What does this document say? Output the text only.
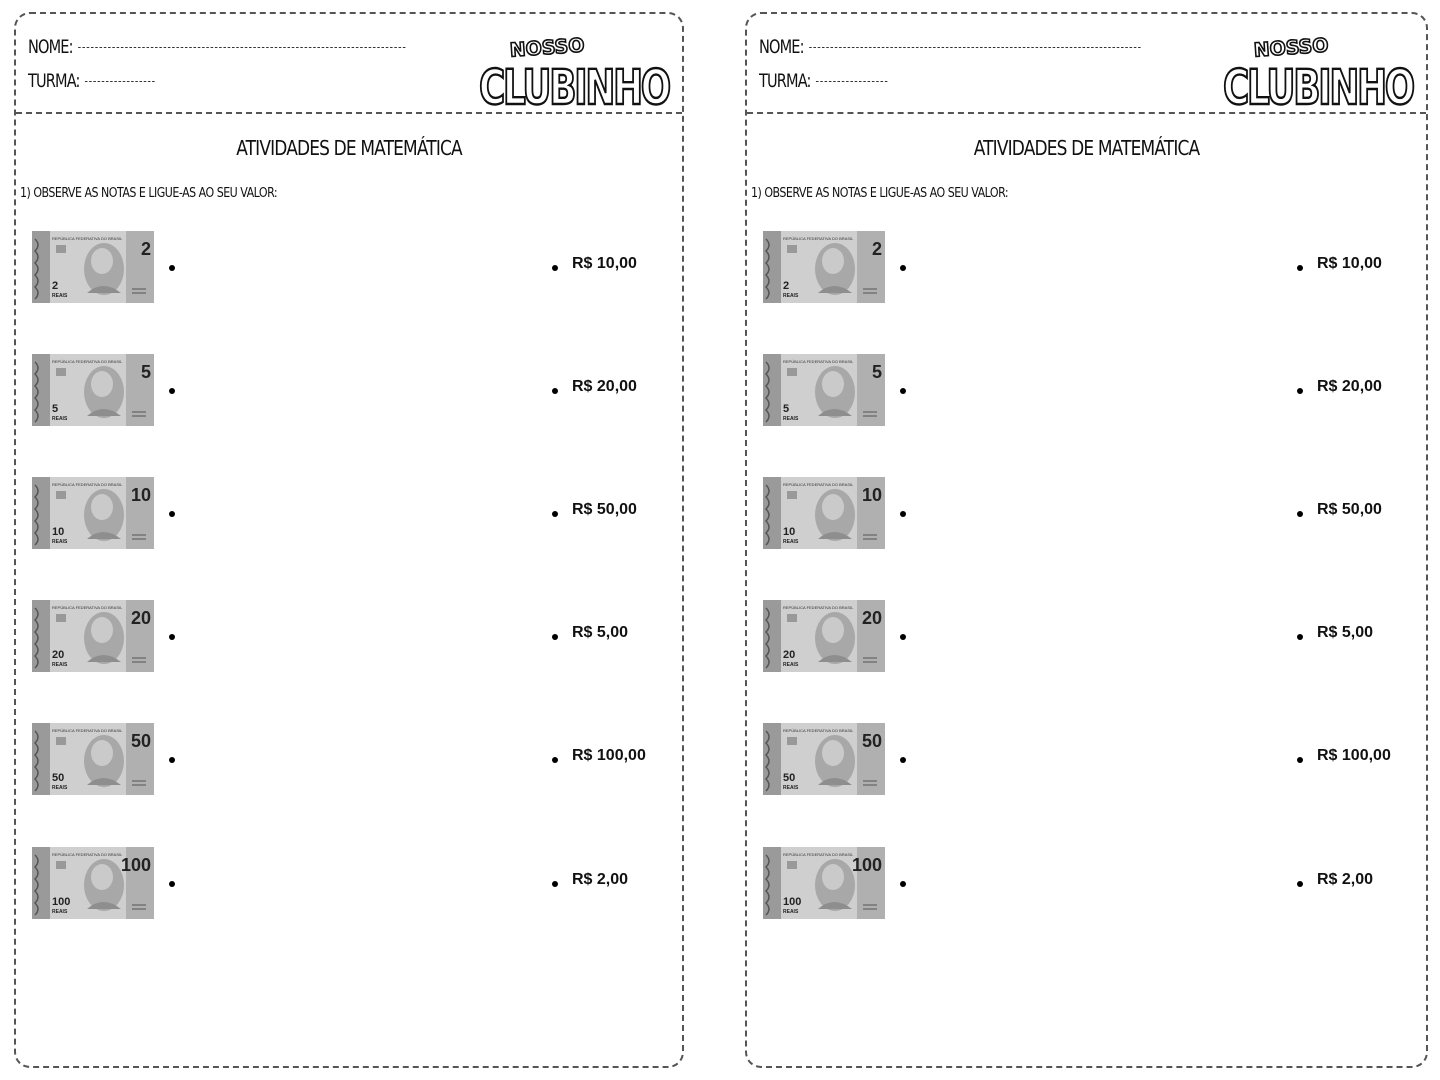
NOME:
TURMA:
NOSSO
CLUBINHO
ATIVIDADES DE MATEMÁTICA
1) OBSERVE AS NOTAS E LIGUE-AS AO SEU VALOR:
REPÚBLICA FEDERATIVA DO BRASIL
2
2
REAIS
R$ 10,00
REPÚBLICA FEDERATIVA DO BRASIL
5
5
REAIS
R$ 20,00
REPÚBLICA FEDERATIVA DO BRASIL
10
10
REAIS
R$ 50,00
REPÚBLICA FEDERATIVA DO BRASIL
20
20
REAIS
R$ 5,00
REPÚBLICA FEDERATIVA DO BRASIL
50
50
REAIS
R$ 100,00
REPÚBLICA FEDERATIVA DO BRASIL
100
100
REAIS
R$ 2,00
NOME:
TURMA:
NOSSO
CLUBINHO
ATIVIDADES DE MATEMÁTICA
1) OBSERVE AS NOTAS E LIGUE-AS AO SEU VALOR:
REPÚBLICA FEDERATIVA DO BRASIL
2
2
REAIS
R$ 10,00
REPÚBLICA FEDERATIVA DO BRASIL
5
5
REAIS
R$ 20,00
REPÚBLICA FEDERATIVA DO BRASIL
10
10
REAIS
R$ 50,00
REPÚBLICA FEDERATIVA DO BRASIL
20
20
REAIS
R$ 5,00
REPÚBLICA FEDERATIVA DO BRASIL
50
50
REAIS
R$ 100,00
REPÚBLICA FEDERATIVA DO BRASIL
100
100
REAIS
R$ 2,00
